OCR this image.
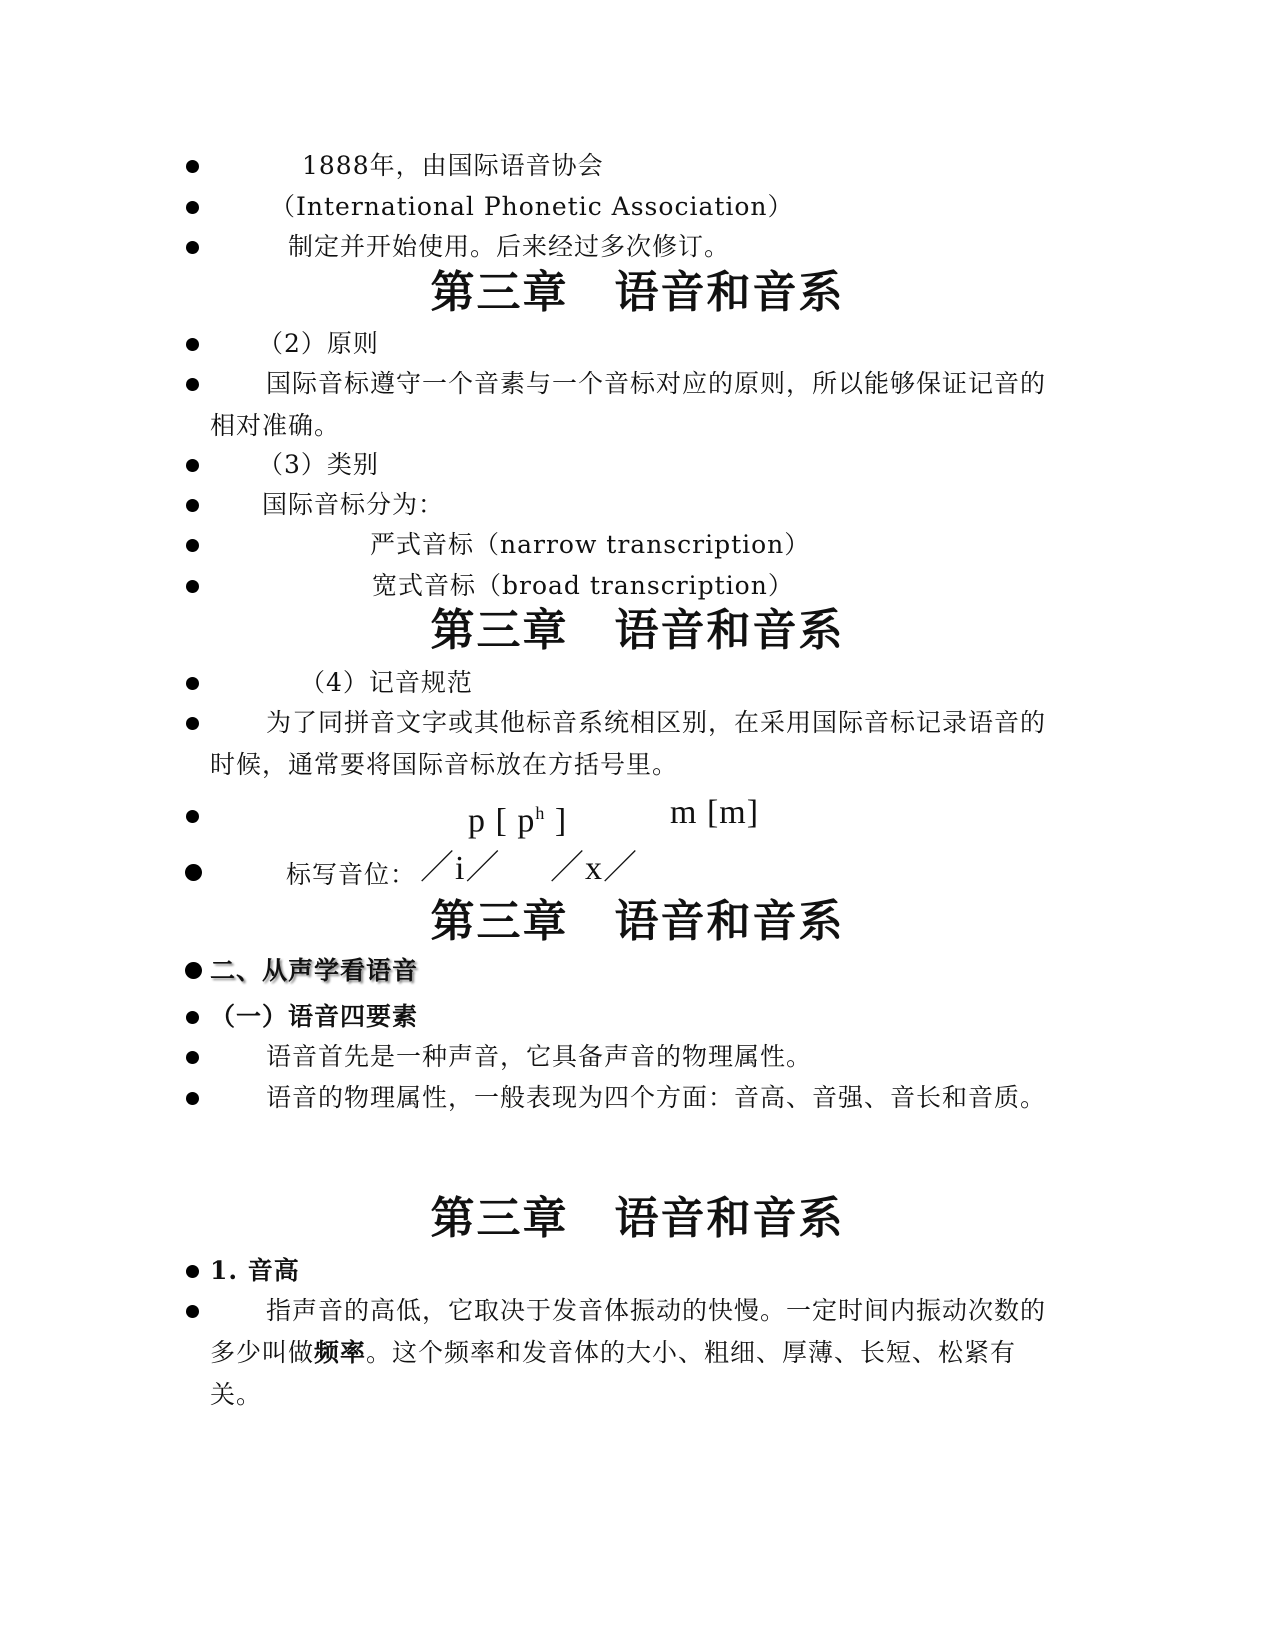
1888年，由国际语音协会
（International Phonetic Association）
制定并开始使用。后来经过多次修订。
第三章　语音和音系
（2）原则
国际音标遵守一个音素与一个音标对应的原则，所以能够保证记音的相对准确。
（3）类别
国际音标分为：
严式音标（narrow transcription）
宽式音标（broad transcription）
第三章　语音和音系
（4）记音规范
为了同拼音文字或其他标音系统相区别，在采用国际音标记录语音的时候，通常要将国际音标放在方括号里。
p [ $p^h$ ]	m [m]
标写音位： ／i／ ／x／
第三章　语音和音系
二、从声学看语音
（一）语音四要素
语音首先是一种声音，它具备声音的物理属性。
语音的物理属性，一般表现为四个方面：音高、音强、音长和音质。
第三章　语音和音系
1. 音高
指声音的高低，它取决于发音体振动的快慢。一定时间内振动次数的多少叫做频率。这个频率和发音体的大小、粗细、厚薄、长短、松紧有关。
